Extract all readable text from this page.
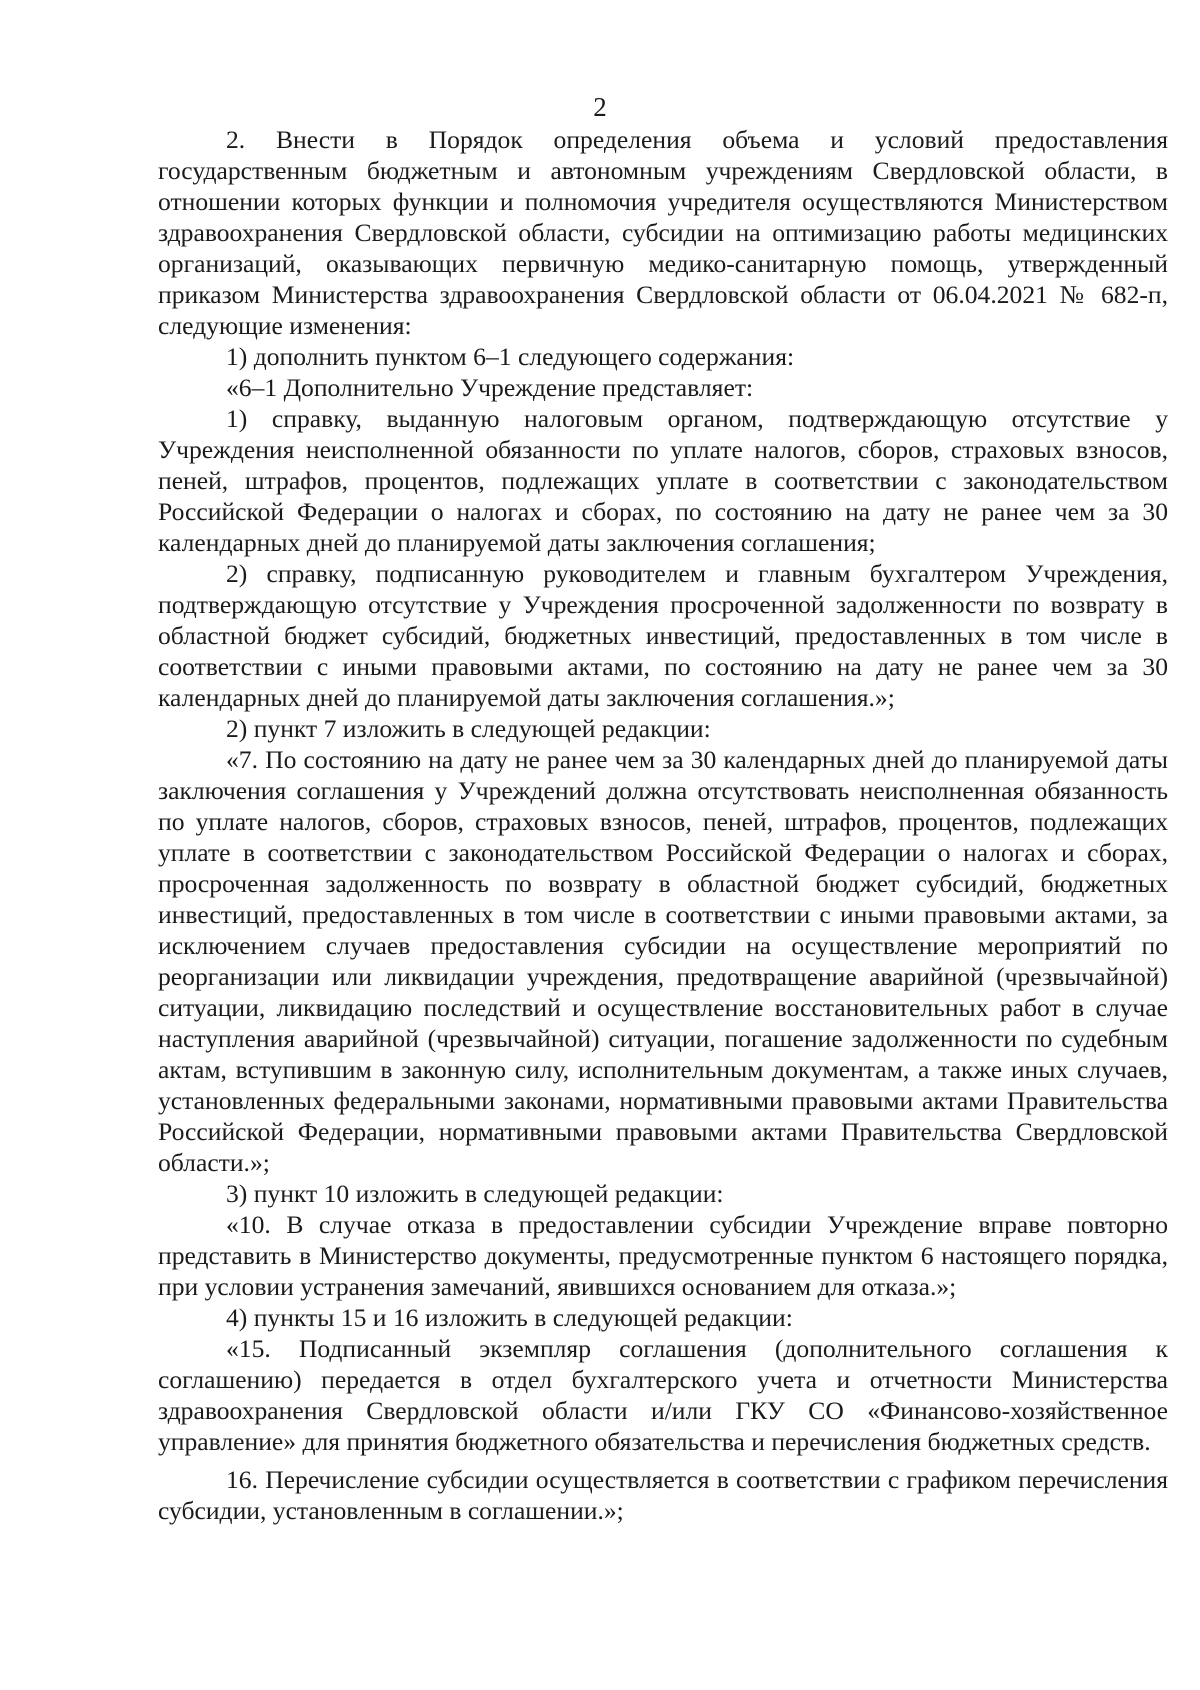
2

2. Внести в Порядок определения объема и условий предоставления государственным бюджетным и автономным учреждениям Свердловской области, в отношении которых функции и полномочия учредителя осуществляются Министерством здравоохранения Свердловской области, субсидии на оптимизацию работы медицинских организаций, оказывающих первичную медико-санитарную помощь, утвержденный приказом Министерства здравоохранения Свердловской области от 06.04.2021 № 682-п, следующие изменения:

1) дополнить пунктом 6–1 следующего содержания:

«6–1 Дополнительно Учреждение представляет:

1) справку, выданную налоговым органом, подтверждающую отсутствие у Учреждения неисполненной обязанности по уплате налогов, сборов, страховых взносов, пеней, штрафов, процентов, подлежащих уплате в соответствии с законодательством Российской Федерации о налогах и сборах, по состоянию на дату не ранее чем за 30 календарных дней до планируемой даты заключения соглашения;

2) справку, подписанную руководителем и главным бухгалтером Учреждения, подтверждающую отсутствие у Учреждения просроченной задолженности по возврату в областной бюджет субсидий, бюджетных инвестиций, предоставленных в том числе в соответствии с иными правовыми актами, по состоянию на дату не ранее чем за 30 календарных дней до планируемой даты заключения соглашения.»;

2) пункт 7 изложить в следующей редакции:

«7. По состоянию на дату не ранее чем за 30 календарных дней до планируемой даты заключения соглашения у Учреждений должна отсутствовать неисполненная обязанность по уплате налогов, сборов, страховых взносов, пеней, штрафов, процентов, подлежащих уплате в соответствии с законодательством Российской Федерации о налогах и сборах, просроченная задолженность по возврату в областной бюджет субсидий, бюджетных инвестиций, предоставленных в том числе в соответствии с иными правовыми актами, за исключением случаев предоставления субсидии на осуществление мероприятий по реорганизации или ликвидации учреждения, предотвращение аварийной (чрезвычайной) ситуации, ликвидацию последствий и осуществление восстановительных работ в случае наступления аварийной (чрезвычайной) ситуации, погашение задолженности по судебным актам, вступившим в законную силу, исполнительным документам, а также иных случаев, установленных федеральными законами, нормативными правовыми актами Правительства Российской Федерации, нормативными правовыми актами Правительства Свердловской области.»;

3) пункт 10 изложить в следующей редакции:

«10. В случае отказа в предоставлении субсидии Учреждение вправе повторно представить в Министерство документы, предусмотренные пунктом 6 настоящего порядка, при условии устранения замечаний, явившихся основанием для отказа.»;

4) пункты 15 и 16 изложить в следующей редакции:

«15. Подписанный экземпляр соглашения (дополнительного соглашения к соглашению) передается в отдел бухгалтерского учета и отчетности Министерства здравоохранения Свердловской области и/или ГКУ СО «Финансово-хозяйственное управление» для принятия бюджетного обязательства и перечисления бюджетных средств.

16. Перечисление субсидии осуществляется в соответствии с графиком перечисления субсидии, установленным в соглашении.»;
